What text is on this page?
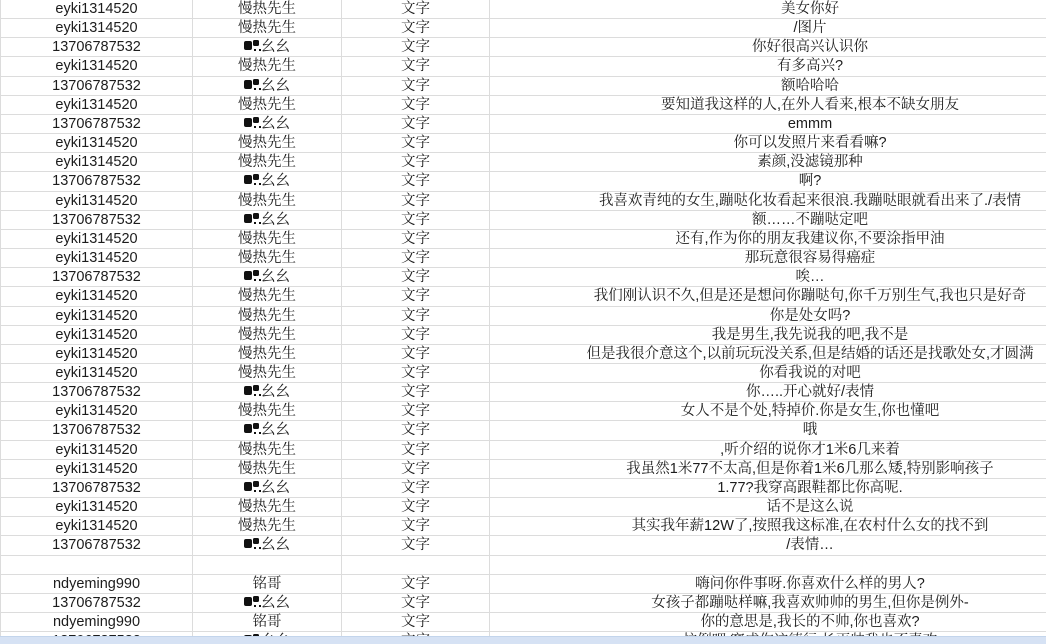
eyki1314520	慢热先生	文字	美女你好
eyki1314520	慢热先生	文字	/图片
13706787532	幺幺	文字	你好很高兴认识你
eyki1314520	慢热先生	文字	有多高兴?
13706787532	幺幺	文字	额哈哈哈
eyki1314520	慢热先生	文字	要知道我这样的人,在外人看来,根本不缺女朋友
13706787532	幺幺	文字	emmm
eyki1314520	慢热先生	文字	你可以发照片来看看嘛?
eyki1314520	慢热先生	文字	素颜,没滤镜那种
13706787532	幺幺	文字	啊?
eyki1314520	慢热先生	文字	我喜欢青纯的女生,蹦哒化妆看起来很浪.我蹦哒眼就看出来了./表情
13706787532	幺幺	文字	额……不蹦哒定吧
eyki1314520	慢热先生	文字	还有,作为你的朋友我建议你,不要涂指甲油
eyki1314520	慢热先生	文字	那玩意很容易得癌症
13706787532	幺幺	文字	唉…
eyki1314520	慢热先生	文字	我们刚认识不久,但是还是想问你蹦哒句,你千万别生气,我也只是好奇
eyki1314520	慢热先生	文字	你是处女吗?
eyki1314520	慢热先生	文字	我是男生,我先说我的吧,我不是
eyki1314520	慢热先生	文字	但是我很介意这个,以前玩玩没关系,但是结婚的话还是找歌处女,才圆满
eyki1314520	慢热先生	文字	你看我说的对吧
13706787532	幺幺	文字	你…..开心就好/表情
eyki1314520	慢热先生	文字	女人不是个处,特掉价.你是女生,你也懂吧
13706787532	幺幺	文字	哦
eyki1314520	慢热先生	文字	,听介绍的说你才1米6几来着
eyki1314520	慢热先生	文字	我虽然1米77不太高,但是你着1米6几那么矮,特别影响孩子
13706787532	幺幺	文字	1.77?我穿高跟鞋都比你高呢.
eyki1314520	慢热先生	文字	话不是这么说
eyki1314520	慢热先生	文字	其实我年薪12W了,按照我这标准,在农村什么女的找不到
13706787532	幺幺	文字	/表情…
ndyeming990	铭哥	文字	嗨问你件事呀.你喜欢什么样的男人?
13706787532	幺幺	文字	女孩子都蹦哒样嘛,我喜欢帅帅的男生,但你是例外-
ndyeming990	铭哥	文字	你的意思是,我长的不帅,你也喜欢?
